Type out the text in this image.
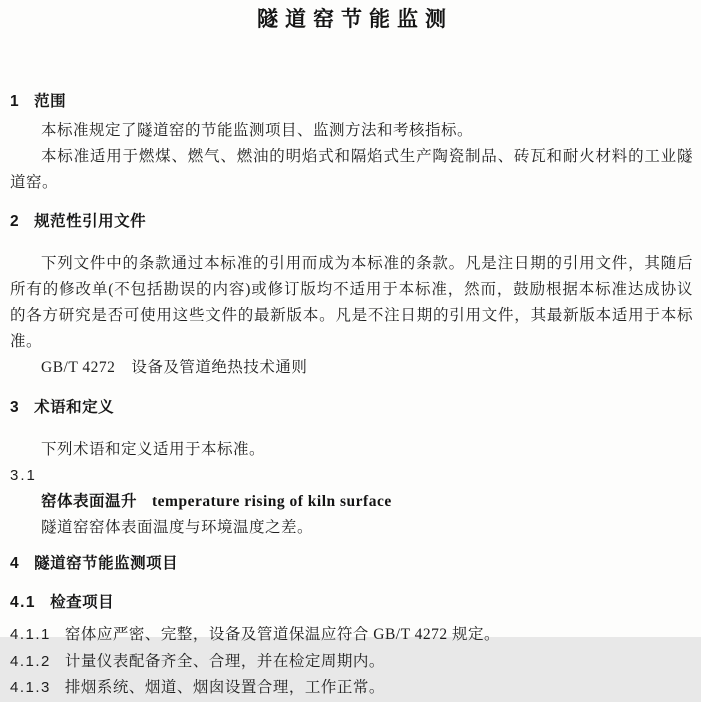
隧道窑节能监测

1 范围

本标准规定了隧道窑的节能监测项目、监测方法和考核指标。

本标准适用于燃煤、燃气、燃油的明焰式和隔焰式生产陶瓷制品、砖瓦和耐火材料的工业隧道窑。

2 规范性引用文件

下列文件中的条款通过本标准的引用而成为本标准的条款。凡是注日期的引用文件，其随后所有的修改单(不包括勘误的内容)或修订版均不适用于本标准，然而，鼓励根据本标准达成协议的各方研究是否可使用这些文件的最新版本。凡是不注日期的引用文件，其最新版本适用于本标准。

GB/T 4272 设备及管道绝热技术通则

3 术语和定义

下列术语和定义适用于本标准。

3.1

窑体表面温升 temperature rising of kiln surface

隧道窑窑体表面温度与环境温度之差。

4 隧道窑节能监测项目

4.1 检查项目

4.1.1 窑体应严密、完整，设备及管道保温应符合 GB/T 4272 规定。

4.1.2 计量仪表配备齐全、合理，并在检定周期内。

4.1.3 排烟系统、烟道、烟囱设置合理，工作正常。
